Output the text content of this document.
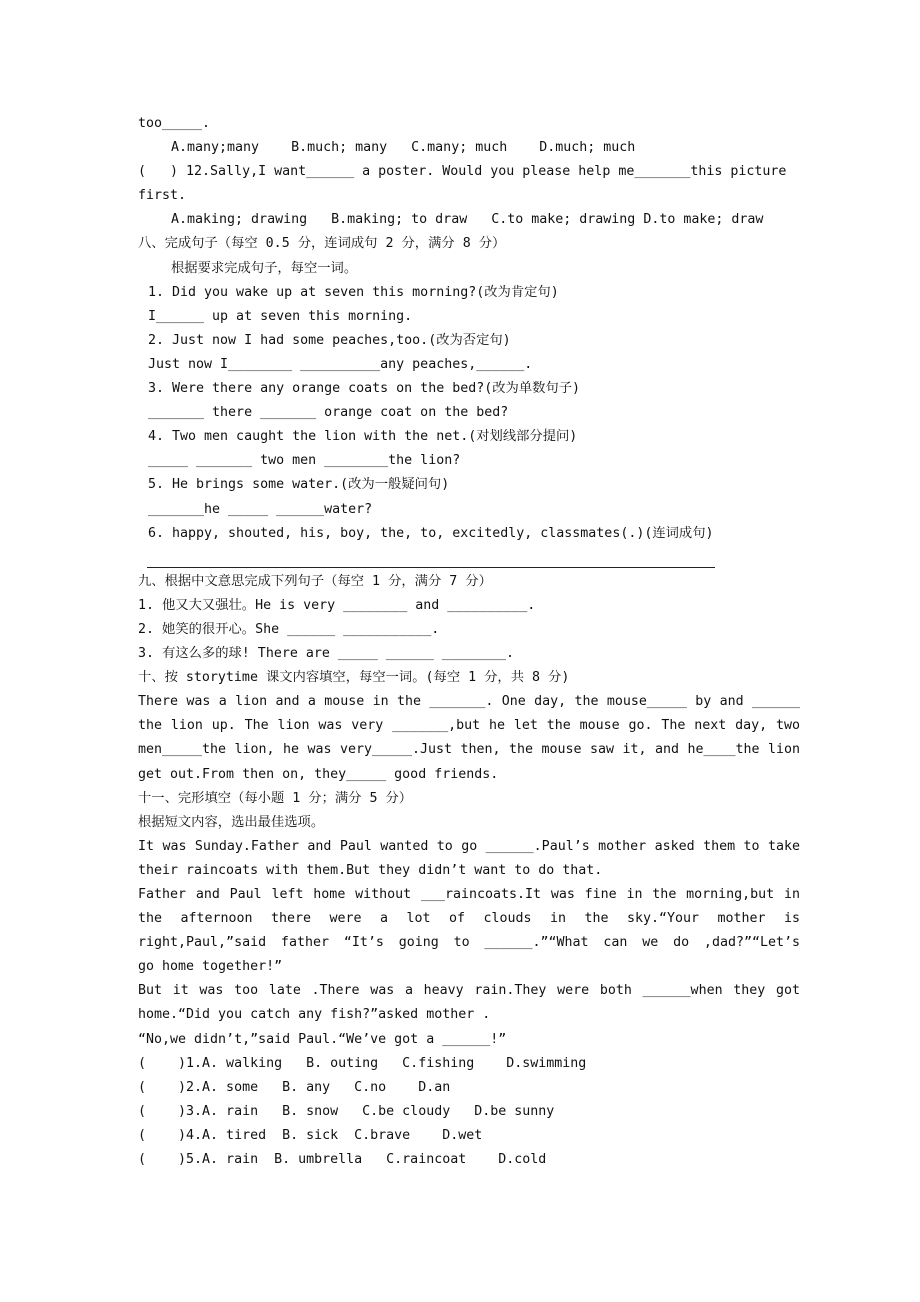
too_____.
A.many;many    B.much; many   C.many; much    D.much; much
(   ) 12.Sally,I want______ a poster. Would you please help me_______this picture
first.
A.making; drawing   B.making; to draw   C.to make; drawing D.to make; draw
八、完成句子（每空 0.5 分，连词成句 2 分，满分 8 分）
根据要求完成句子，每空一词。
1. Did you wake up at seven this morning?(改为肯定句)
I______ up at seven this morning.
2. Just now I had some peaches,too.(改为否定句)
Just now I________ __________any peaches,______.
3. Were there any orange coats on the bed?(改为单数句子)
_______ there _______ orange coat on the bed?
4. Two men caught the lion with the net.(对划线部分提问)
_____ _______ two men ________the lion?
5. He brings some water.(改为一般疑问句)
_______he _____ ______water?
6. happy, shouted, his, boy, the, to, excitedly, classmates(.)(连词成句)
九、根据中文意思完成下列句子（每空 1 分，满分 7 分）
1. 他又大又强壮。He is very ________ and __________.
2. 她笑的很开心。She ______ ___________.
3. 有这么多的球! There are _____ ______ ________.
十、按 storytime 课文内容填空，每空一词。(每空 1 分，共 8 分)
There was a lion and a mouse in the _______. One day, the mouse_____ by and ______
the lion up. The lion was very _______,but he let the mouse go. The next day, two
men_____the lion, he was very_____.Just then, the mouse saw it, and he____the lion
get out.From then on, they_____ good friends.
十一、完形填空（每小题 1 分；满分 5 分）
根据短文内容，选出最佳选项。
It was Sunday.Father and Paul wanted to go ______.Paul’s mother asked them to take
their raincoats with them.But they didn’t want to do that.
Father and Paul left home without ___raincoats.It was fine in the morning,but in
the afternoon there were a lot of clouds in the sky.“Your mother is
right,Paul,”said father “It’s going to ______.”“What can we do ,dad?”“Let’s
go home together!”
But it was too late .There was a heavy rain.They were both ______when they got
home.“Did you catch any fish?”asked mother .
“No,we didn’t,”said Paul.“We’ve got a ______!”
(    )1.A. walking   B. outing   C.fishing    D.swimming
(    )2.A. some   B. any   C.no    D.an
(    )3.A. rain   B. snow   C.be cloudy   D.be sunny
(    )4.A. tired  B. sick  C.brave    D.wet
(    )5.A. rain  B. umbrella   C.raincoat    D.cold
